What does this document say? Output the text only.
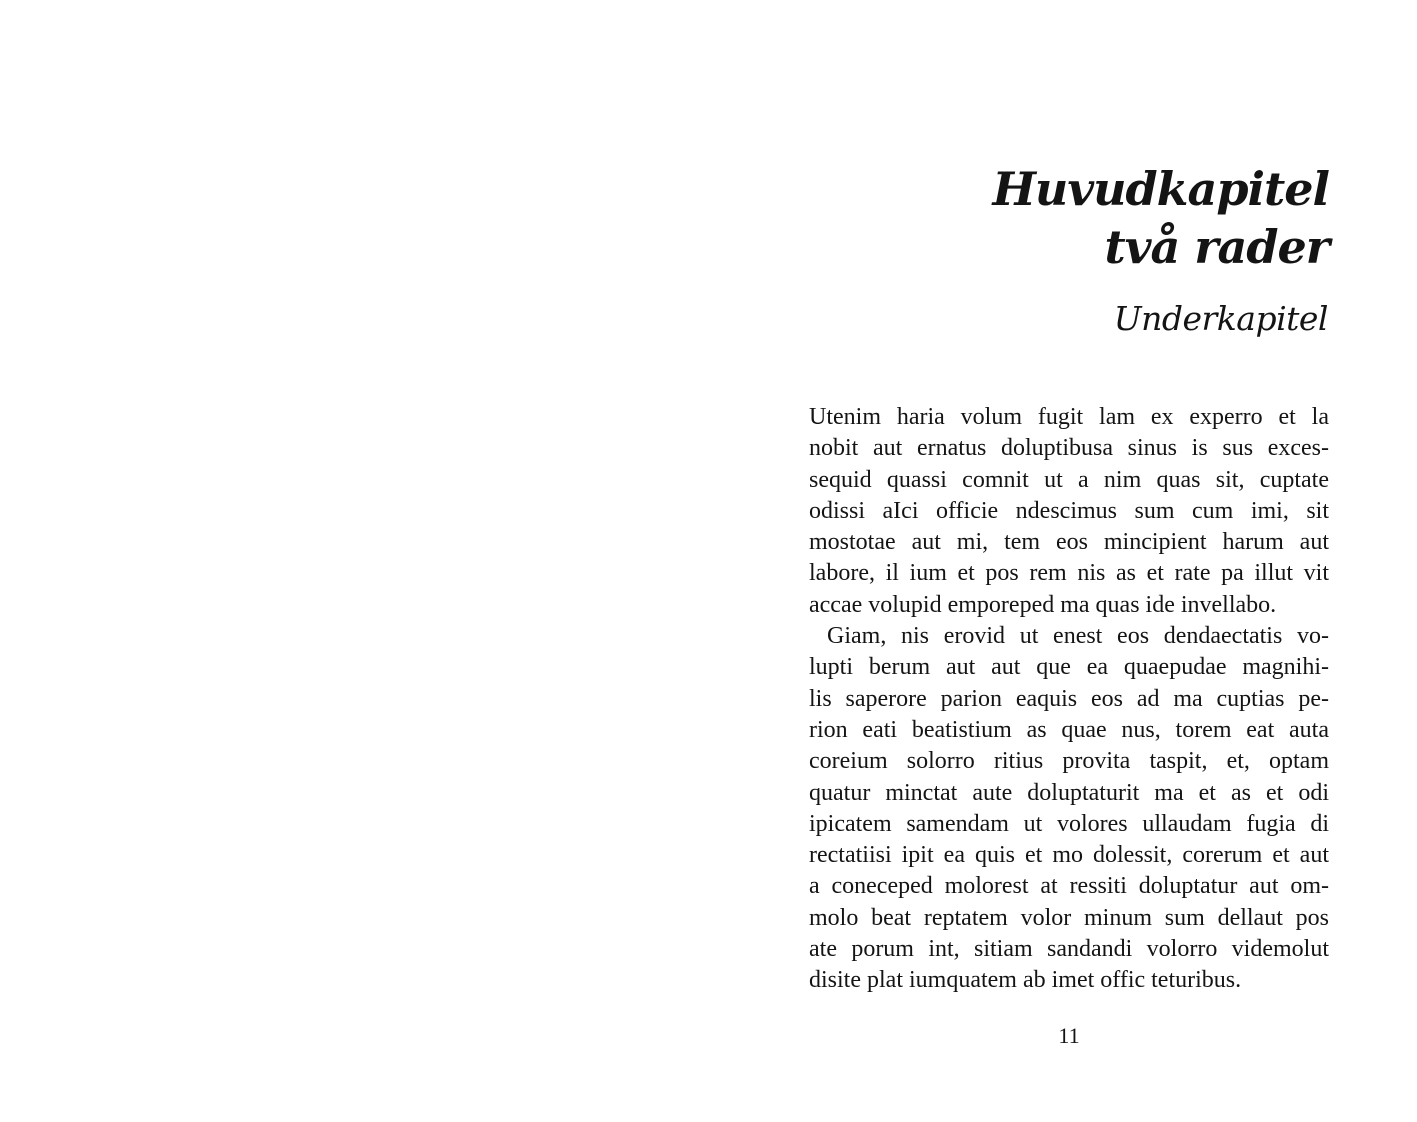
Huvudkapitel
två rader
Underkapitel

Utenim haria volum fugit lam ex experro et la
nobit aut ernatus doluptibusa sinus is sus exces-
sequid quassi comnit ut a nim quas sit, cuptate
odissi aIci officie ndescimus sum cum imi, sit
mostotae aut mi, tem eos mincipient harum aut
labore, il ium et pos rem nis as et rate pa illut vit
accae volupid emporeped ma quas ide invellabo.

Giam, nis erovid ut enest eos dendaectatis vo-
lupti berum aut aut que ea quaepudae magnihi-
lis saperore parion eaquis eos ad ma cuptias pe-
rion eati beatistium as quae nus, torem eat auta
coreium solorro ritius provita taspit, et, optam
quatur minctat aute doluptaturit ma et as et odi
ipicatem samendam ut volores ullaudam fugia di
rectatiisi ipit ea quis et mo dolessit, corerum et aut
a coneceped molorest at ressiti doluptatur aut om-
molo beat reptatem volor minum sum dellaut pos
ate porum int, sitiam sandandi volorro videmolut
disite plat iumquatem ab imet offic teturibus.

11
